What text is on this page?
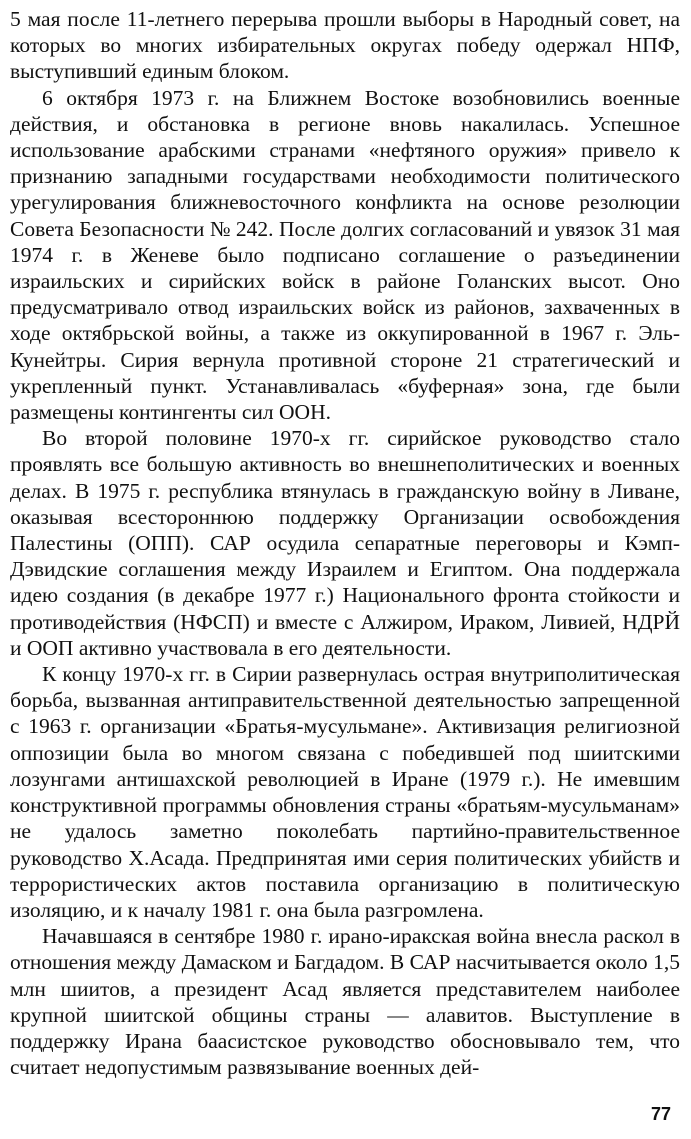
5 мая после 11-летнего перерыва прошли выборы в Народный совет, на которых во многих избирательных округах победу одержал НПФ, выступивший единым блоком.

6 октября 1973 г. на Ближнем Востоке возобновились военные действия, и обстановка в регионе вновь накалилась. Успешное использование арабскими странами «нефтяного оружия» привело к признанию западными государствами необходимости политического урегулирования ближневосточного конфликта на основе резолюции Совета Безопасности № 242. После долгих согласований и увязок 31 мая 1974 г. в Женеве было подписано соглашение о разъединении израильских и сирийских войск в районе Голанских высот. Оно предусматривало отвод израильских войск из районов, захваченных в ходе октябрьской войны, а также из оккупированной в 1967 г. Эль-Кунейтры. Сирия вернула противной стороне 21 стратегический и укрепленный пункт. Устанавливалась «буферная» зона, где были размещены контингенты сил ООН.

Во второй половине 1970-х гг. сирийское руководство стало проявлять все большую активность во внешнеполитических и военных делах. В 1975 г. республика втянулась в гражданскую войну в Ливане, оказывая всестороннюю поддержку Организации освобождения Палестины (ОПП). САР осудила сепаратные переговоры и Кэмп-Дэвидские соглашения между Израилем и Египтом. Она поддержала идею создания (в декабре 1977 г.) Национального фронта стойкости и противодействия (НФСП) и вместе с Алжиром, Ираком, Ливией, НДРЙ и ООП активно участвовала в его деятельности.

К концу 1970-х гг. в Сирии развернулась острая внутриполитическая борьба, вызванная антиправительственной деятельностью запрещенной с 1963 г. организации «Братья-мусульмане». Активизация религиозной оппозиции была во многом связана с победившей под шиитскими лозунгами антишахской революцией в Иране (1979 г.). Не имевшим конструктивной программы обновления страны «братьям-мусульманам» не удалось заметно поколебать партийно-правительственное руководство Х.Асада. Предпринятая ими серия политических убийств и террористических актов поставила организацию в политическую изоляцию, и к началу 1981 г. она была разгромлена.

Начавшаяся в сентябре 1980 г. ирано-иракская война внесла раскол в отношения между Дамаском и Багдадом. В САР насчитывается около 1,5 млн шиитов, а президент Асад является представителем наиболее крупной шиитской общины страны — алавитов. Выступление в поддержку Ирана баасистское руководство обосновывало тем, что считает недопустимым развязывание военных дей-

77
